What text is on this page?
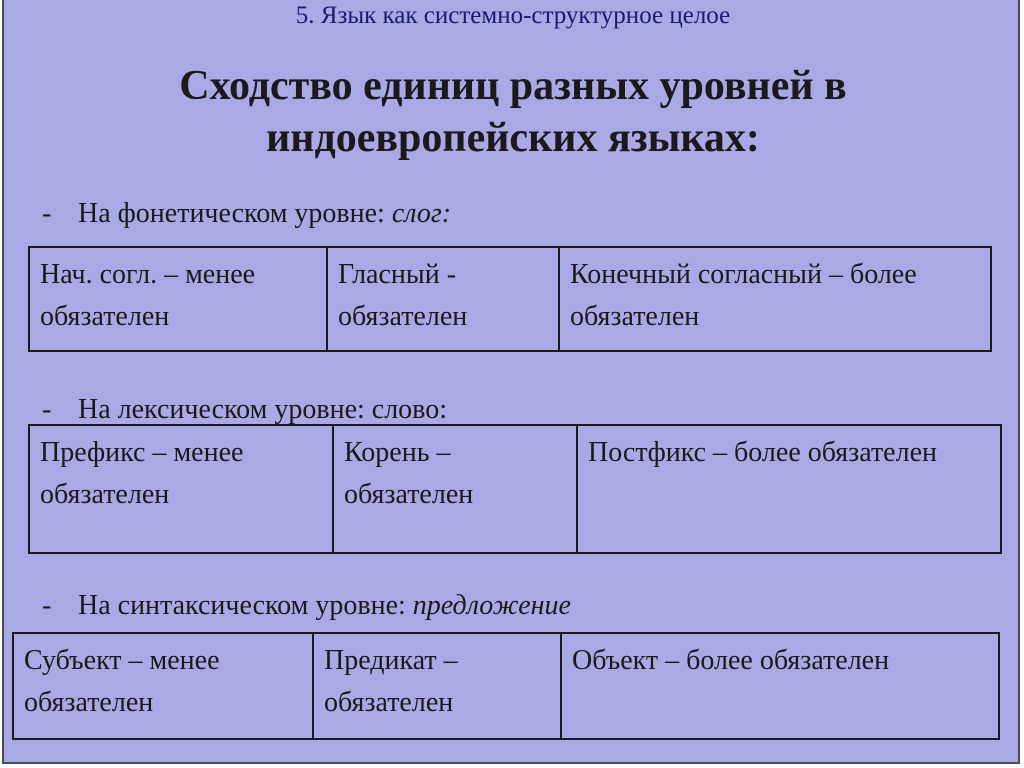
5. Язык как системно-структурное целое
Сходство единиц разных уровней в
индоевропейских языках:
- На фонетическом уровне: слог:
Нач. согл. – менее обязателен	Гласный - обязателен	Конечный согласный – более обязателен
- На лексическом уровне: слово:
Префикс – менее обязателен	Корень – обязателен	Постфикс – более обязателен
- На синтаксическом уровне: предложение
Субъект – менее обязателен	Предикат – обязателен	Объект – более обязателен
